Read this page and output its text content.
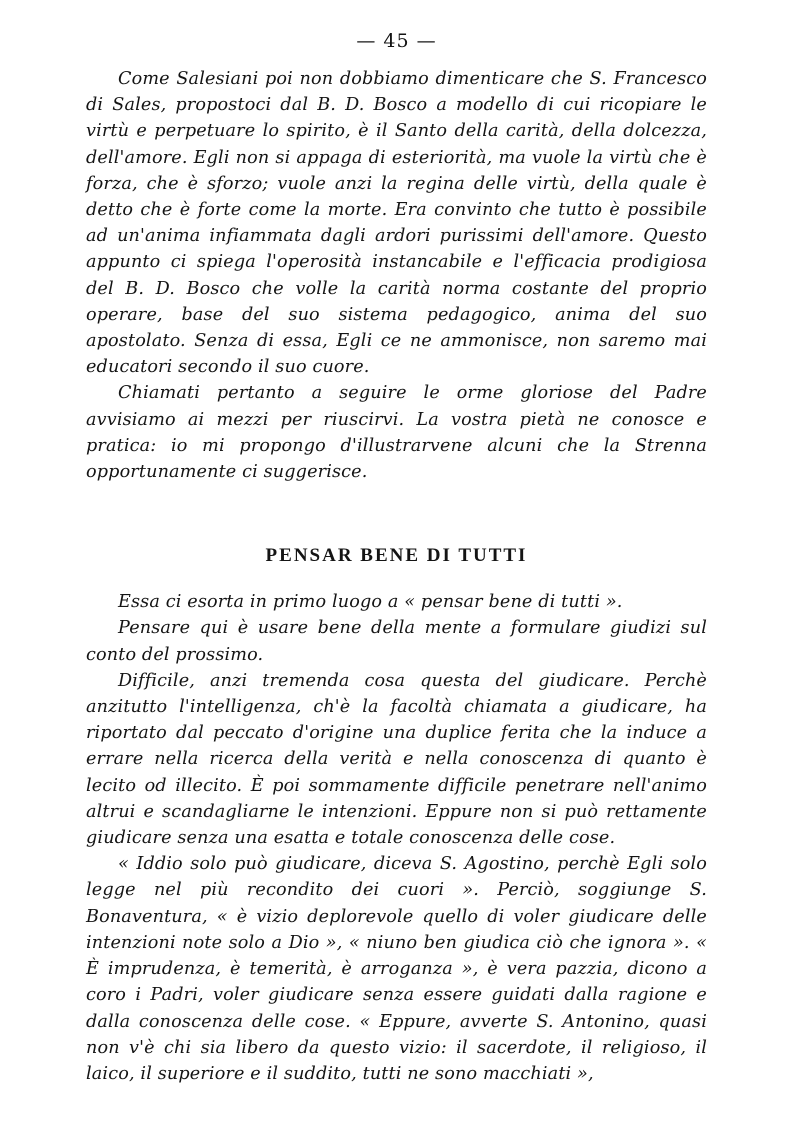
— 45 —

Come Salesiani poi non dobbiamo dimenticare che S. Francesco di Sales, propostoci dal B. D. Bosco a modello di cui ricopiare le virtù e perpetuare lo spirito, è il Santo della carità, della dolcezza, dell'amore. Egli non si appaga di esteriorità, ma vuole la virtù che è forza, che è sforzo; vuole anzi la regina delle virtù, della quale è detto che è forte come la morte. Era convinto che tutto è possibile ad un'anima infiammata dagli ardori purissimi dell'amore. Questo appunto ci spiega l'operosità instancabile e l'efficacia prodigiosa del B. D. Bosco che volle la carità norma costante del proprio operare, base del suo sistema pedagogico, anima del suo apostolato. Senza di essa, Egli ce ne ammonisce, non saremo mai educatori secondo il suo cuore.

Chiamati pertanto a seguire le orme gloriose del Padre avvisiamo ai mezzi per riuscirvi. La vostra pietà ne conosce e pratica: io mi propongo d'illustrarvene alcuni che la Strenna opportunamente ci suggerisce.

PENSAR BENE DI TUTTI

Essa ci esorta in primo luogo a « pensar bene di tutti ».

Pensare qui è usare bene della mente a formulare giudizi sul conto del prossimo.

Difficile, anzi tremenda cosa questa del giudicare. Perchè anzitutto l'intelligenza, ch'è la facoltà chiamata a giudicare, ha riportato dal peccato d'origine una duplice ferita che la induce a errare nella ricerca della verità e nella conoscenza di quanto è lecito od illecito. È poi sommamente difficile penetrare nell'animo altrui e scandagliarne le intenzioni. Eppure non si può rettamente giudicare senza una esatta e totale conoscenza delle cose.

« Iddio solo può giudicare, diceva S. Agostino, perchè Egli solo legge nel più recondito dei cuori ». Perciò, soggiunge S. Bonaventura, « è vizio deplorevole quello di voler giudicare delle intenzioni note solo a Dio », « niuno ben giudica ciò che ignora ». « È imprudenza, è temerità, è arroganza », è vera pazzia, dicono a coro i Padri, voler giudicare senza essere guidati dalla ragione e dalla conoscenza delle cose. « Eppure, avverte S. Antonino, quasi non v'è chi sia libero da questo vizio: il sacerdote, il religioso, il laico, il superiore e il suddito, tutti ne sono macchiati »,
